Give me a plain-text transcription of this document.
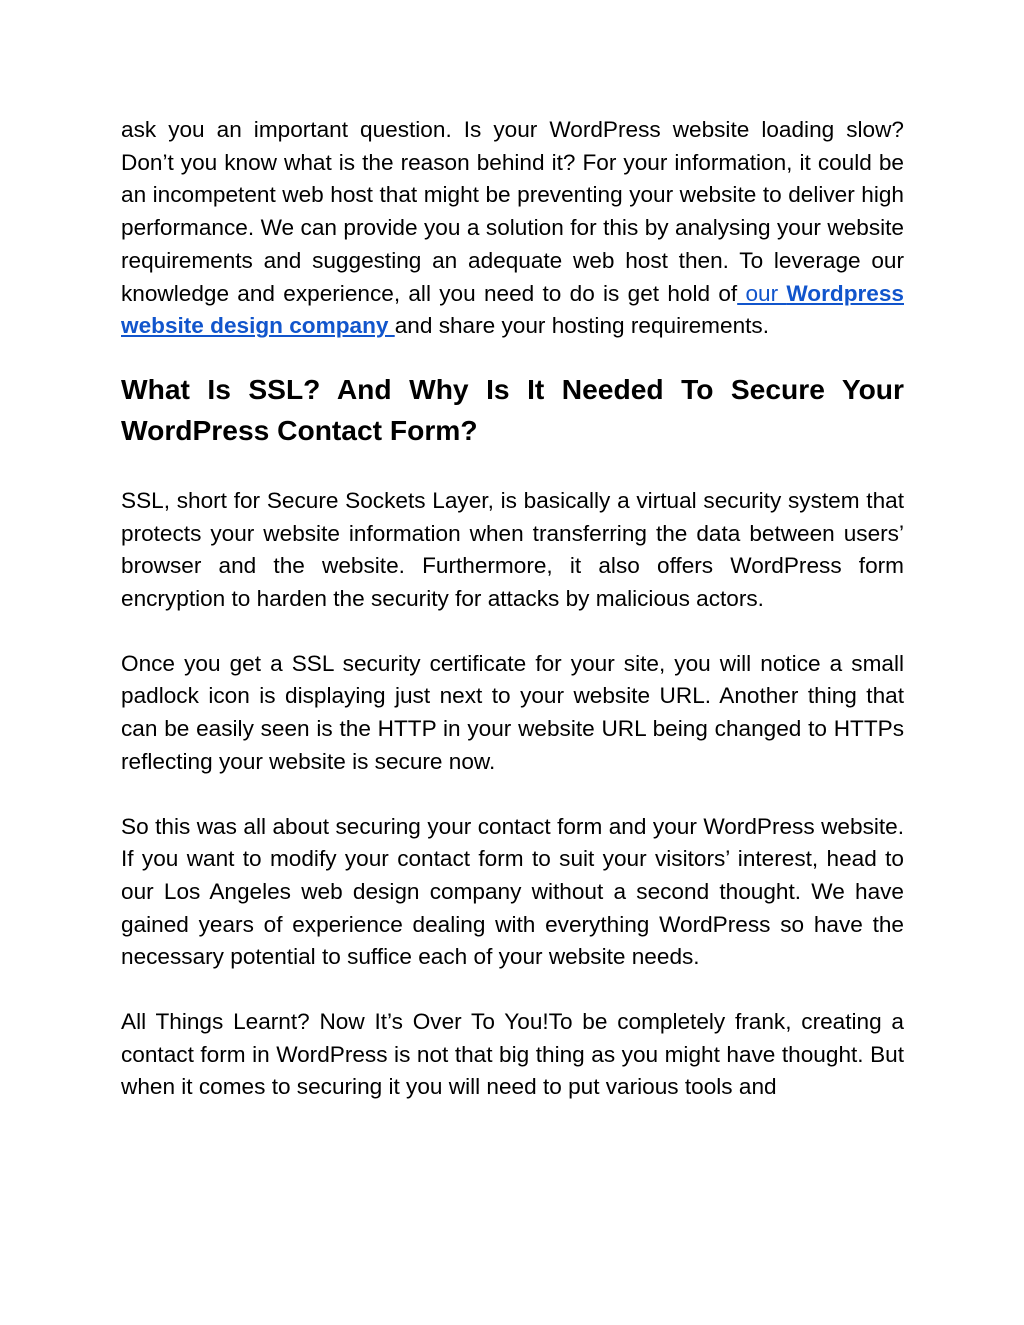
ask you an important question. Is your WordPress website loading slow? Don’t you know what is the reason behind it? For your information, it could be an incompetent web host that might be preventing your website to deliver high performance. We can provide you a solution for this by analysing your website requirements and suggesting an adequate web host then. To leverage our knowledge and experience, all you need to do is get hold of our Wordpress website design company and share your hosting requirements.

What Is SSL? And Why Is It Needed To Secure Your WordPress Contact Form?

SSL, short for Secure Sockets Layer, is basically a virtual security system that protects your website information when transferring the data between users’ browser and the website. Furthermore, it also offers WordPress form encryption to harden the security for attacks by malicious actors.

Once you get a SSL security certificate for your site, you will notice a small padlock icon is displaying just next to your website URL. Another thing that can be easily seen is the HTTP in your website URL being changed to HTTPs reflecting your website is secure now.

So this was all about securing your contact form and your WordPress website. If you want to modify your contact form to suit your visitors’ interest, head to our Los Angeles web design company without a second thought. We have gained years of experience dealing with everything WordPress so have the necessary potential to suffice each of your website needs.

All Things Learnt? Now It’s Over To You!To be completely frank, creating a contact form in WordPress is not that big thing as you might have thought. But when it comes to securing it you will need to put various tools and
